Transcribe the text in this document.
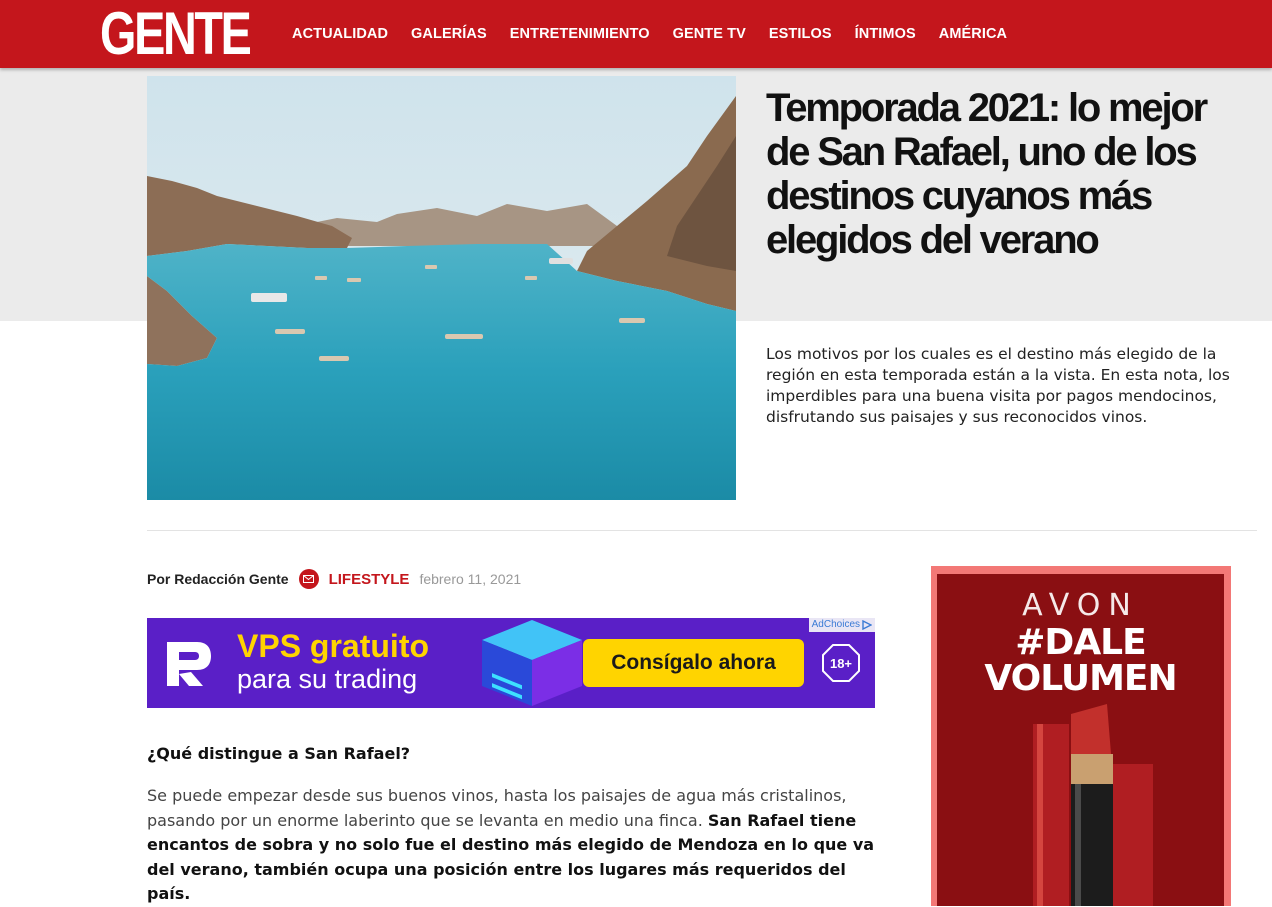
GENTE	ACTUALIDAD GALERÍAS ENTRETENIMIENTO GENTE TV ESTILOS ÍNTIMOS AMÉRICA
Temporada 2021: lo mejor de San Rafael, uno de los destinos cuyanos más elegidos del verano

Los motivos por los cuales es el destino más elegido de la región en esta temporada están a la vista. En esta nota, los imperdibles para una buena visita por pagos mendocinos, disfrutando sus paisajes y sus reconocidos vinos.

Por Redacción Gente	LIFESTYLE febrero 11, 2021
VPS gratuito
para su trading
Consígalo ahora	18+
AdChoices
¿Qué distingue a San Rafael?

Se puede empezar desde sus buenos vinos, hasta los paisajes de agua más cristalinos, pasando por un enorme laberinto que se levanta en medio una finca. San Rafael tiene encantos de sobra y no solo fue el destino más elegido de Mendoza en lo que va del verano, también ocupa una posición entre los lugares más requeridos del país.

AVON
#DALE
VOLUMEN
